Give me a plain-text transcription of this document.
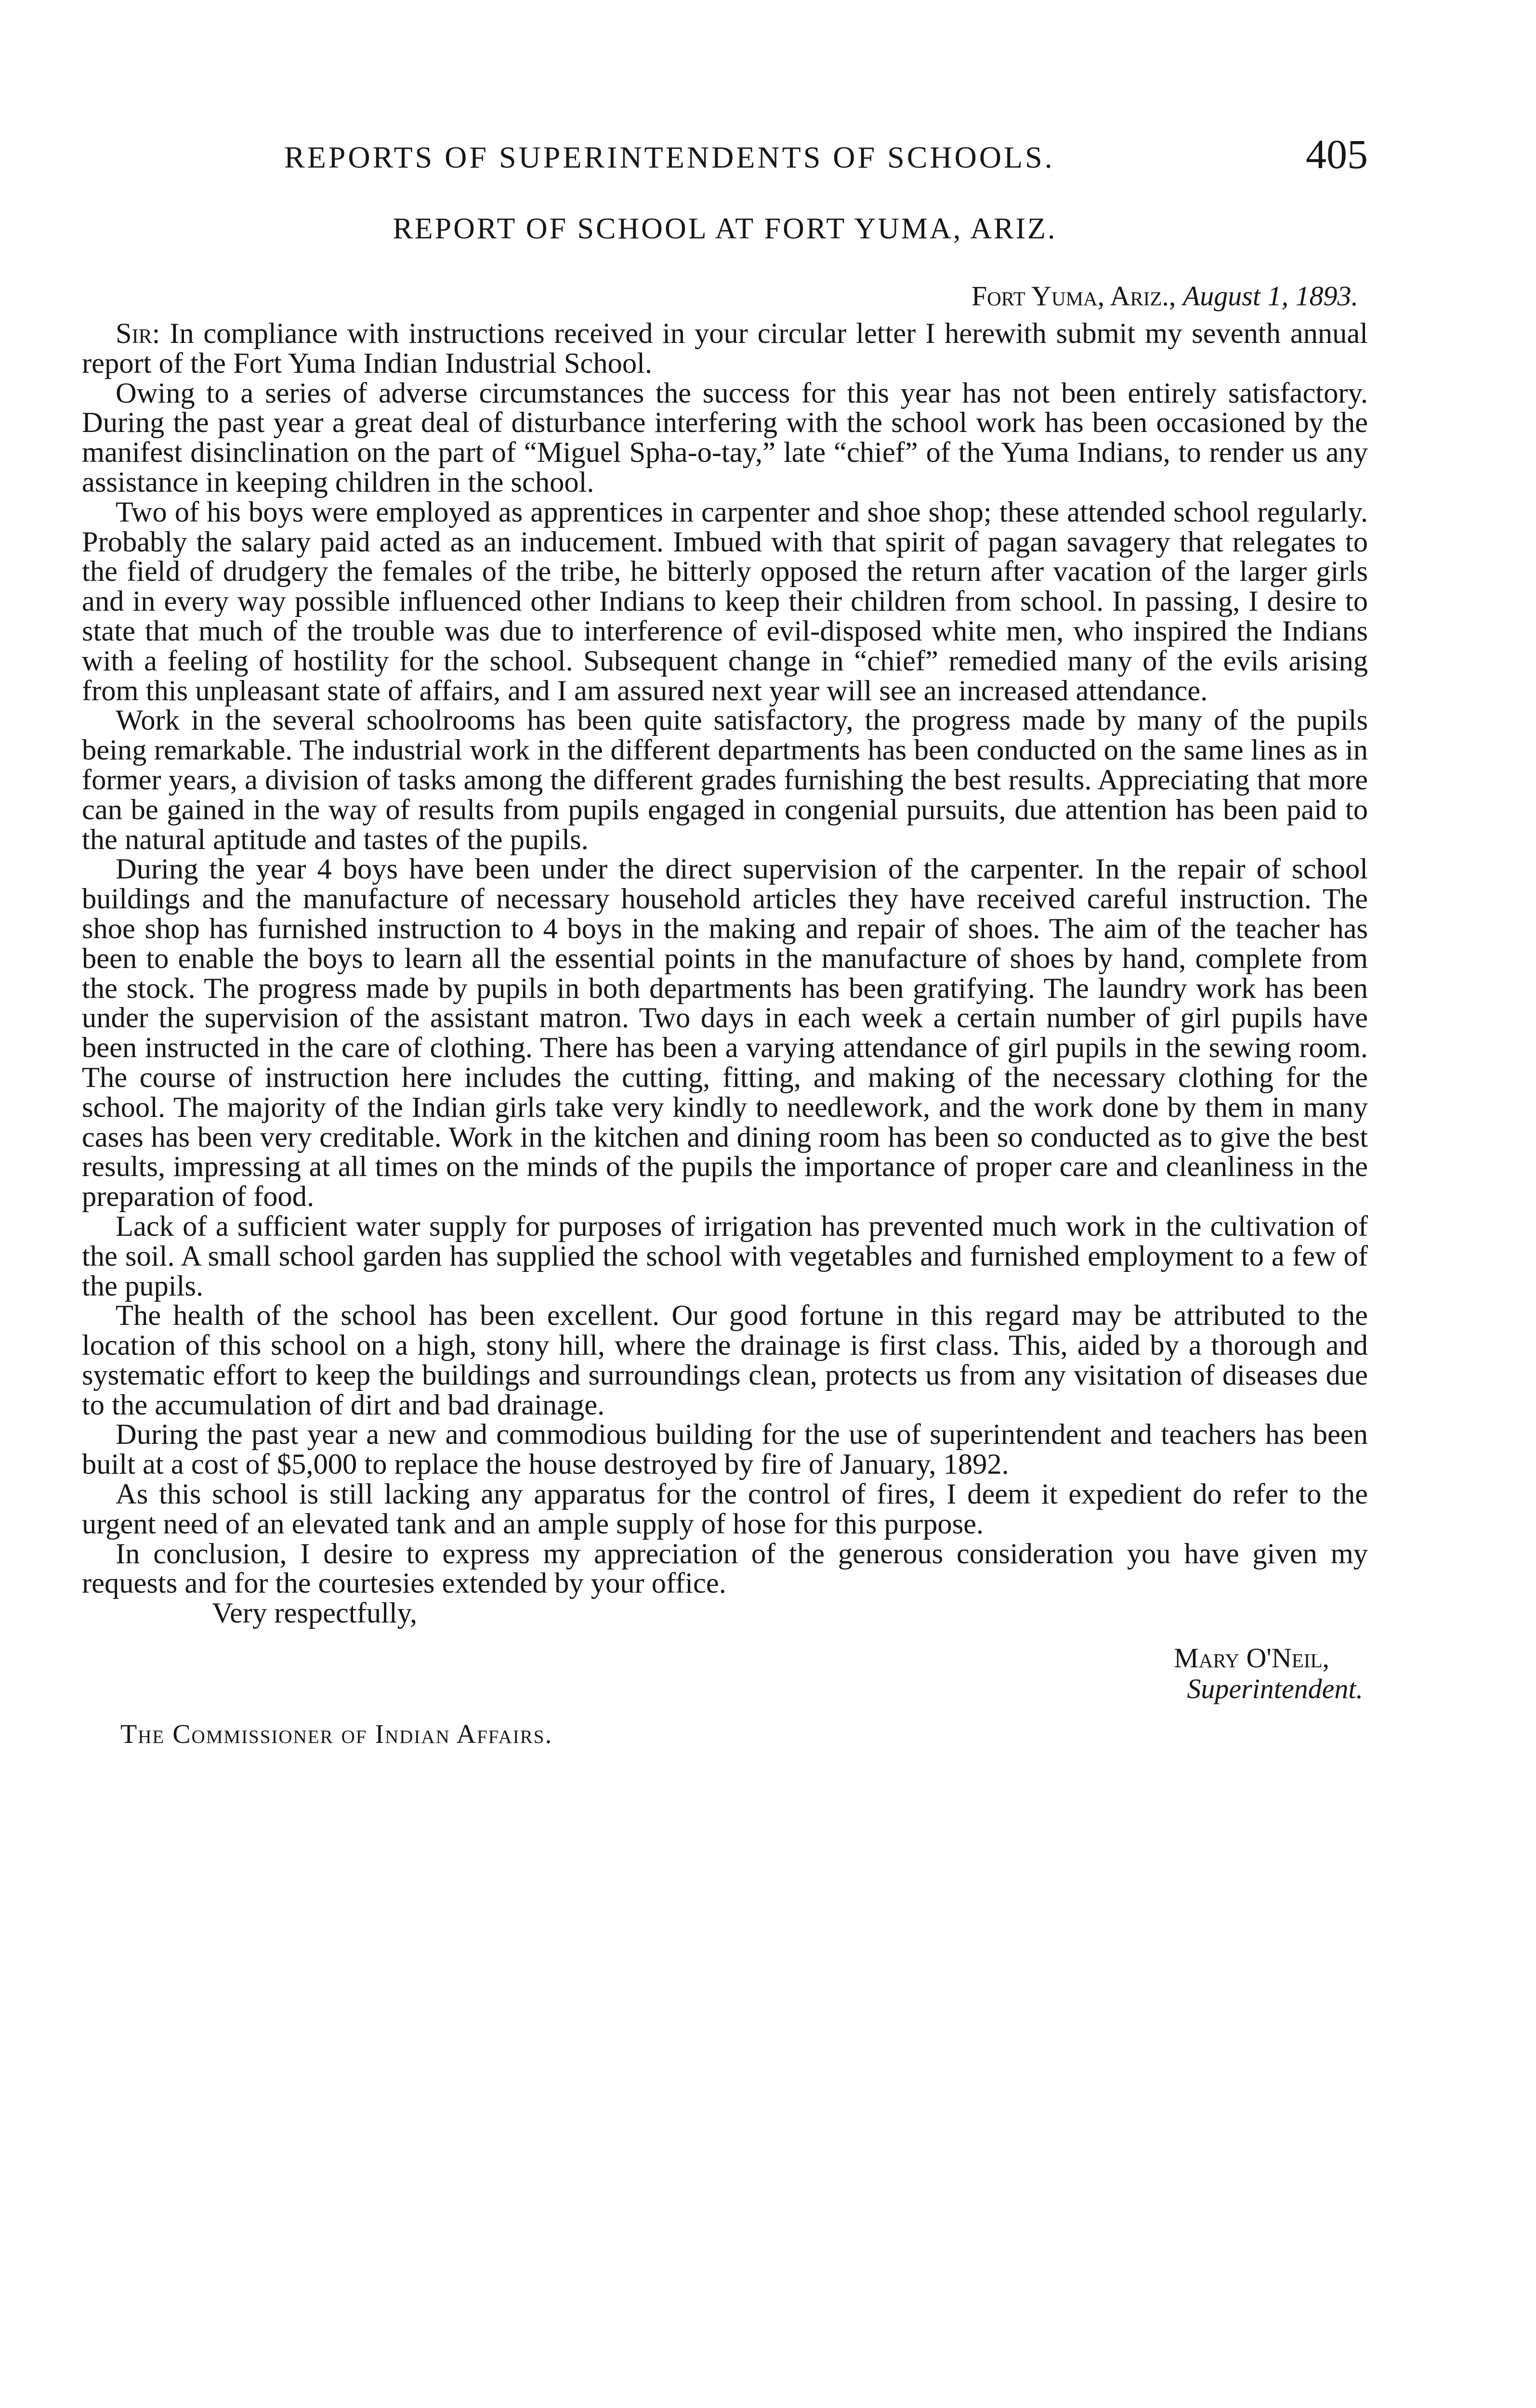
REPORTS OF SUPERINTENDENTS OF SCHOOLS.	405
REPORT OF SCHOOL AT FORT YUMA, ARIZ.
Fort Yuma, Ariz., August 1, 1893.

Sir: In compliance with instructions received in your circular letter I herewith submit my seventh annual report of the Fort Yuma Indian Industrial School.

Owing to a series of adverse circumstances the success for this year has not been entirely satisfactory. During the past year a great deal of disturbance interfering with the school work has been occasioned by the manifest disinclination on the part of “Miguel Spha-o-tay,” late “chief” of the Yuma Indians, to render us any assistance in keeping children in the school.

Two of his boys were employed as apprentices in carpenter and shoe shop; these attended school regularly. Probably the salary paid acted as an inducement. Imbued with that spirit of pagan savagery that relegates to the field of drudgery the females of the tribe, he bitterly opposed the return after vacation of the larger girls and in every way possible influenced other Indians to keep their children from school. In passing, I desire to state that much of the trouble was due to interference of evil-disposed white men, who inspired the Indians with a feeling of hostility for the school. Subsequent change in “chief” remedied many of the evils arising from this unpleasant state of affairs, and I am assured next year will see an increased attendance.

Work in the several schoolrooms has been quite satisfactory, the progress made by many of the pupils being remarkable. The industrial work in the different departments has been conducted on the same lines as in former years, a division of tasks among the different grades furnishing the best results. Appreciating that more can be gained in the way of results from pupils engaged in congenial pursuits, due attention has been paid to the natural aptitude and tastes of the pupils.

During the year 4 boys have been under the direct supervision of the carpenter. In the repair of school buildings and the manufacture of necessary household articles they have received careful instruction. The shoe shop has furnished instruction to 4 boys in the making and repair of shoes. The aim of the teacher has been to enable the boys to learn all the essential points in the manufacture of shoes by hand, complete from the stock. The progress made by pupils in both departments has been gratifying. The laundry work has been under the supervision of the assistant matron. Two days in each week a certain number of girl pupils have been instructed in the care of clothing. There has been a varying attendance of girl pupils in the sewing room. The course of instruction here includes the cutting, fitting, and making of the necessary clothing for the school. The majority of the Indian girls take very kindly to needlework, and the work done by them in many cases has been very creditable. Work in the kitchen and dining room has been so conducted as to give the best results, impressing at all times on the minds of the pupils the importance of proper care and cleanliness in the preparation of food.

Lack of a sufficient water supply for purposes of irrigation has prevented much work in the cultivation of the soil. A small school garden has supplied the school with vegetables and furnished employment to a few of the pupils.

The health of the school has been excellent. Our good fortune in this regard may be attributed to the location of this school on a high, stony hill, where the drainage is first class. This, aided by a thorough and systematic effort to keep the buildings and surroundings clean, protects us from any visitation of diseases due to the accumulation of dirt and bad drainage.

During the past year a new and commodious building for the use of superintendent and teachers has been built at a cost of $5,000 to replace the house destroyed by fire of January, 1892.

As this school is still lacking any apparatus for the control of fires, I deem it expedient do refer to the urgent need of an elevated tank and an ample supply of hose for this purpose.

In conclusion, I desire to express my appreciation of the generous consideration you have given my requests and for the courtesies extended by your office.

Very respectfully,
Mary O'Neil,
Superintendent.
The Commissioner of Indian Affairs.
